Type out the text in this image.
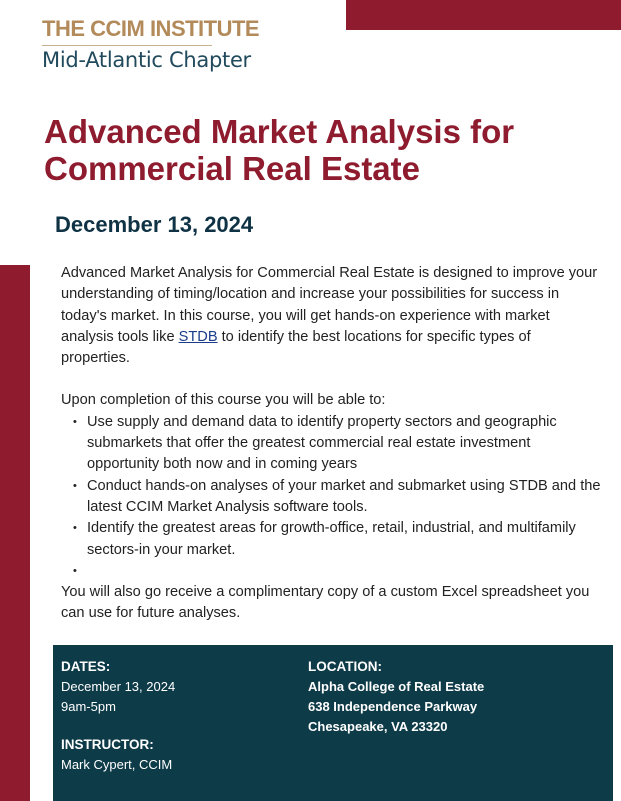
THE CCIM INSTITUTE
Mid-Atlantic Chapter
Advanced Market Analysis for Commercial Real Estate
December 13, 2024

Advanced Market Analysis for Commercial Real Estate is designed to improve your understanding of timing/location and increase your possibilities for success in today's market. In this course, you will get hands-on experience with market analysis tools like STDB to identify the best locations for specific types of properties.

Upon completion of this course you will be able to:

• Use supply and demand data to identify property sectors and geographic submarkets that offer the greatest commercial real estate investment opportunity both now and in coming years
• Conduct hands-on analyses of your market and submarket using STDB and the latest CCIM Market Analysis software tools.
• Identify the greatest areas for growth-office, retail, industrial, and multifamily sectors-in your market.
•

You will also go receive a complimentary copy of a custom Excel spreadsheet you can use for future analyses.

DATES:
December 13, 2024
9am-5pm
INSTRUCTOR:
Mark Cypert, CCIM
LOCATION:
Alpha College of Real Estate
638 Independence Parkway
Chesapeake, VA 23320
